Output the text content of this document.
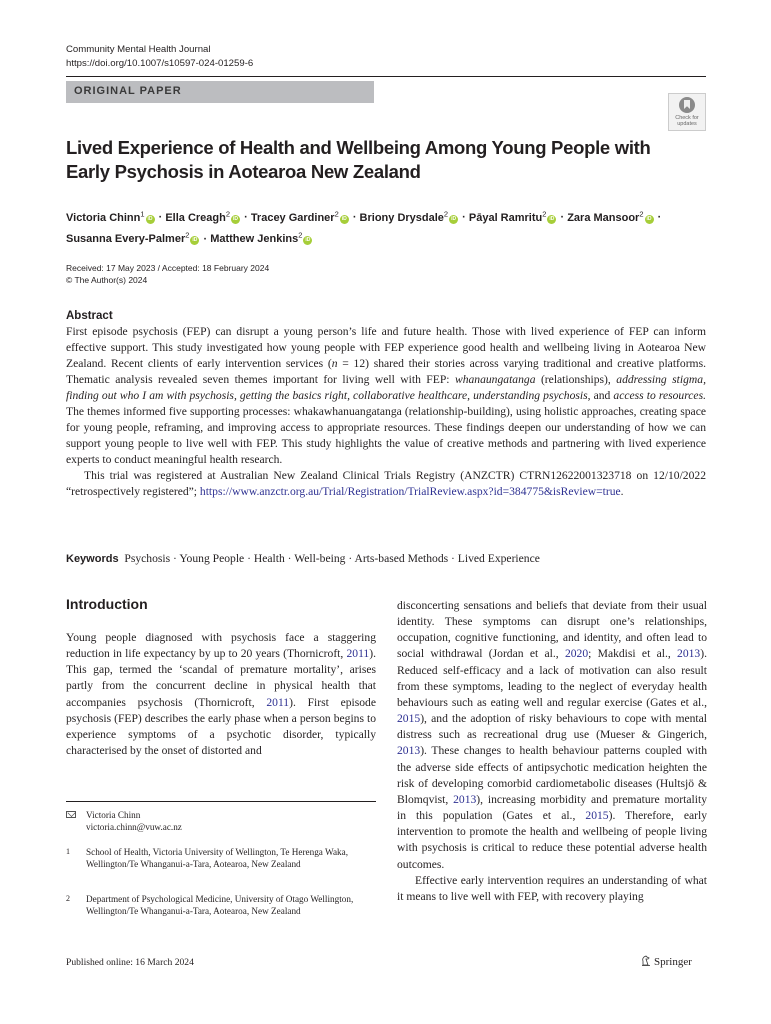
Community Mental Health Journal
https://doi.org/10.1007/s10597-024-01259-6
ORIGINAL PAPER
Check for
updates
Lived Experience of Health and Wellbeing Among Young People with Early Psychosis in Aotearoa New Zealand
Victoria Chinn$^1$iD · Ella Creagh$^2$iD · Tracey Gardiner$^2$iD · Briony Drysdale$^2$iD · Pāyal Ramritu$^2$iD · Zara Mansoor$^2$iD ·
Susanna Every-Palmer$^2$iD · Matthew Jenkins$^2$iD
Received: 17 May 2023 / Accepted: 18 February 2024
© The Author(s) 2024
Abstract

First episode psychosis (FEP) can disrupt a young person’s life and future health. Those with lived experience of FEP can inform effective support. This study investigated how young people with FEP experience good health and wellbeing living in Aotearoa New Zealand. Recent clients of early intervention services (n = 12) shared their stories across varying traditional and creative platforms. Thematic analysis revealed seven themes important for living well with FEP: whanaungatanga (relationships), addressing stigma, finding out who I am with psychosis, getting the basics right, collaborative healthcare, understanding psychosis, and access to resources. The themes informed five supporting processes: whakawhanuangatanga (relationship-building), using holistic approaches, creating space for young people, reframing, and improving access to appropriate resources. These findings deepen our understanding of how we can support young people to live well with FEP. This study highlights the value of creative methods and partnering with lived experience experts to conduct meaningful health research.

This trial was registered at Australian New Zealand Clinical Trials Registry (ANZCTR) CTRN12622001323718 on 12/10/2022 “retrospectively registered”; https://www.anzctr.org.au/Trial/Registration/TrialReview.aspx?id=384775&isReview=true.

Keywords Psychosis · Young People · Health · Well-being · Arts-based Methods · Lived Experience
Introduction

Young people diagnosed with psychosis face a staggering reduction in life expectancy by up to 20 years (Thornicroft, 2011). This gap, termed the ‘scandal of premature mortality’, arises partly from the concurrent decline in physical health that accompanies psychosis (Thornicroft, 2011). First episode psychosis (FEP) describes the early phase when a person begins to experience symptoms of a psychotic disorder, typically characterised by the onset of distorted and

disconcerting sensations and beliefs that deviate from their usual identity. These symptoms can disrupt one’s relationships, occupation, cognitive functioning, and identity, and often lead to social withdrawal (Jordan et al., 2020; Makdisi et al., 2013). Reduced self-efficacy and a lack of motivation can also result from these symptoms, leading to the neglect of everyday health behaviours such as eating well and regular exercise (Gates et al., 2015), and the adoption of risky behaviours to cope with mental distress such as recreational drug use (Mueser & Gingerich, 2013). These changes to health behaviour patterns coupled with the adverse side effects of antipsychotic medication heighten the risk of developing comorbid cardiometabolic diseases (Hultsjö & Blomqvist, 2013), increasing morbidity and premature mortality in this population (Gates et al., 2015). Therefore, early intervention to promote the health and wellbeing of people living with psychosis is critical to reduce these potential adverse health outcomes.

Effective early intervention requires an understanding of what it means to live well with FEP, with recovery playing

Victoria Chinn
victoria.chinn@vuw.ac.nz
1 School of Health, Victoria University of Wellington, Te Herenga Waka, Wellington/Te Whanganui-a-Tara, Aotearoa, New Zealand
2 Department of Psychological Medicine, University of Otago Wellington, Wellington/Te Whanganui-a-Tara, Aotearoa, New Zealand
Published online: 16 March 2024	Springer
